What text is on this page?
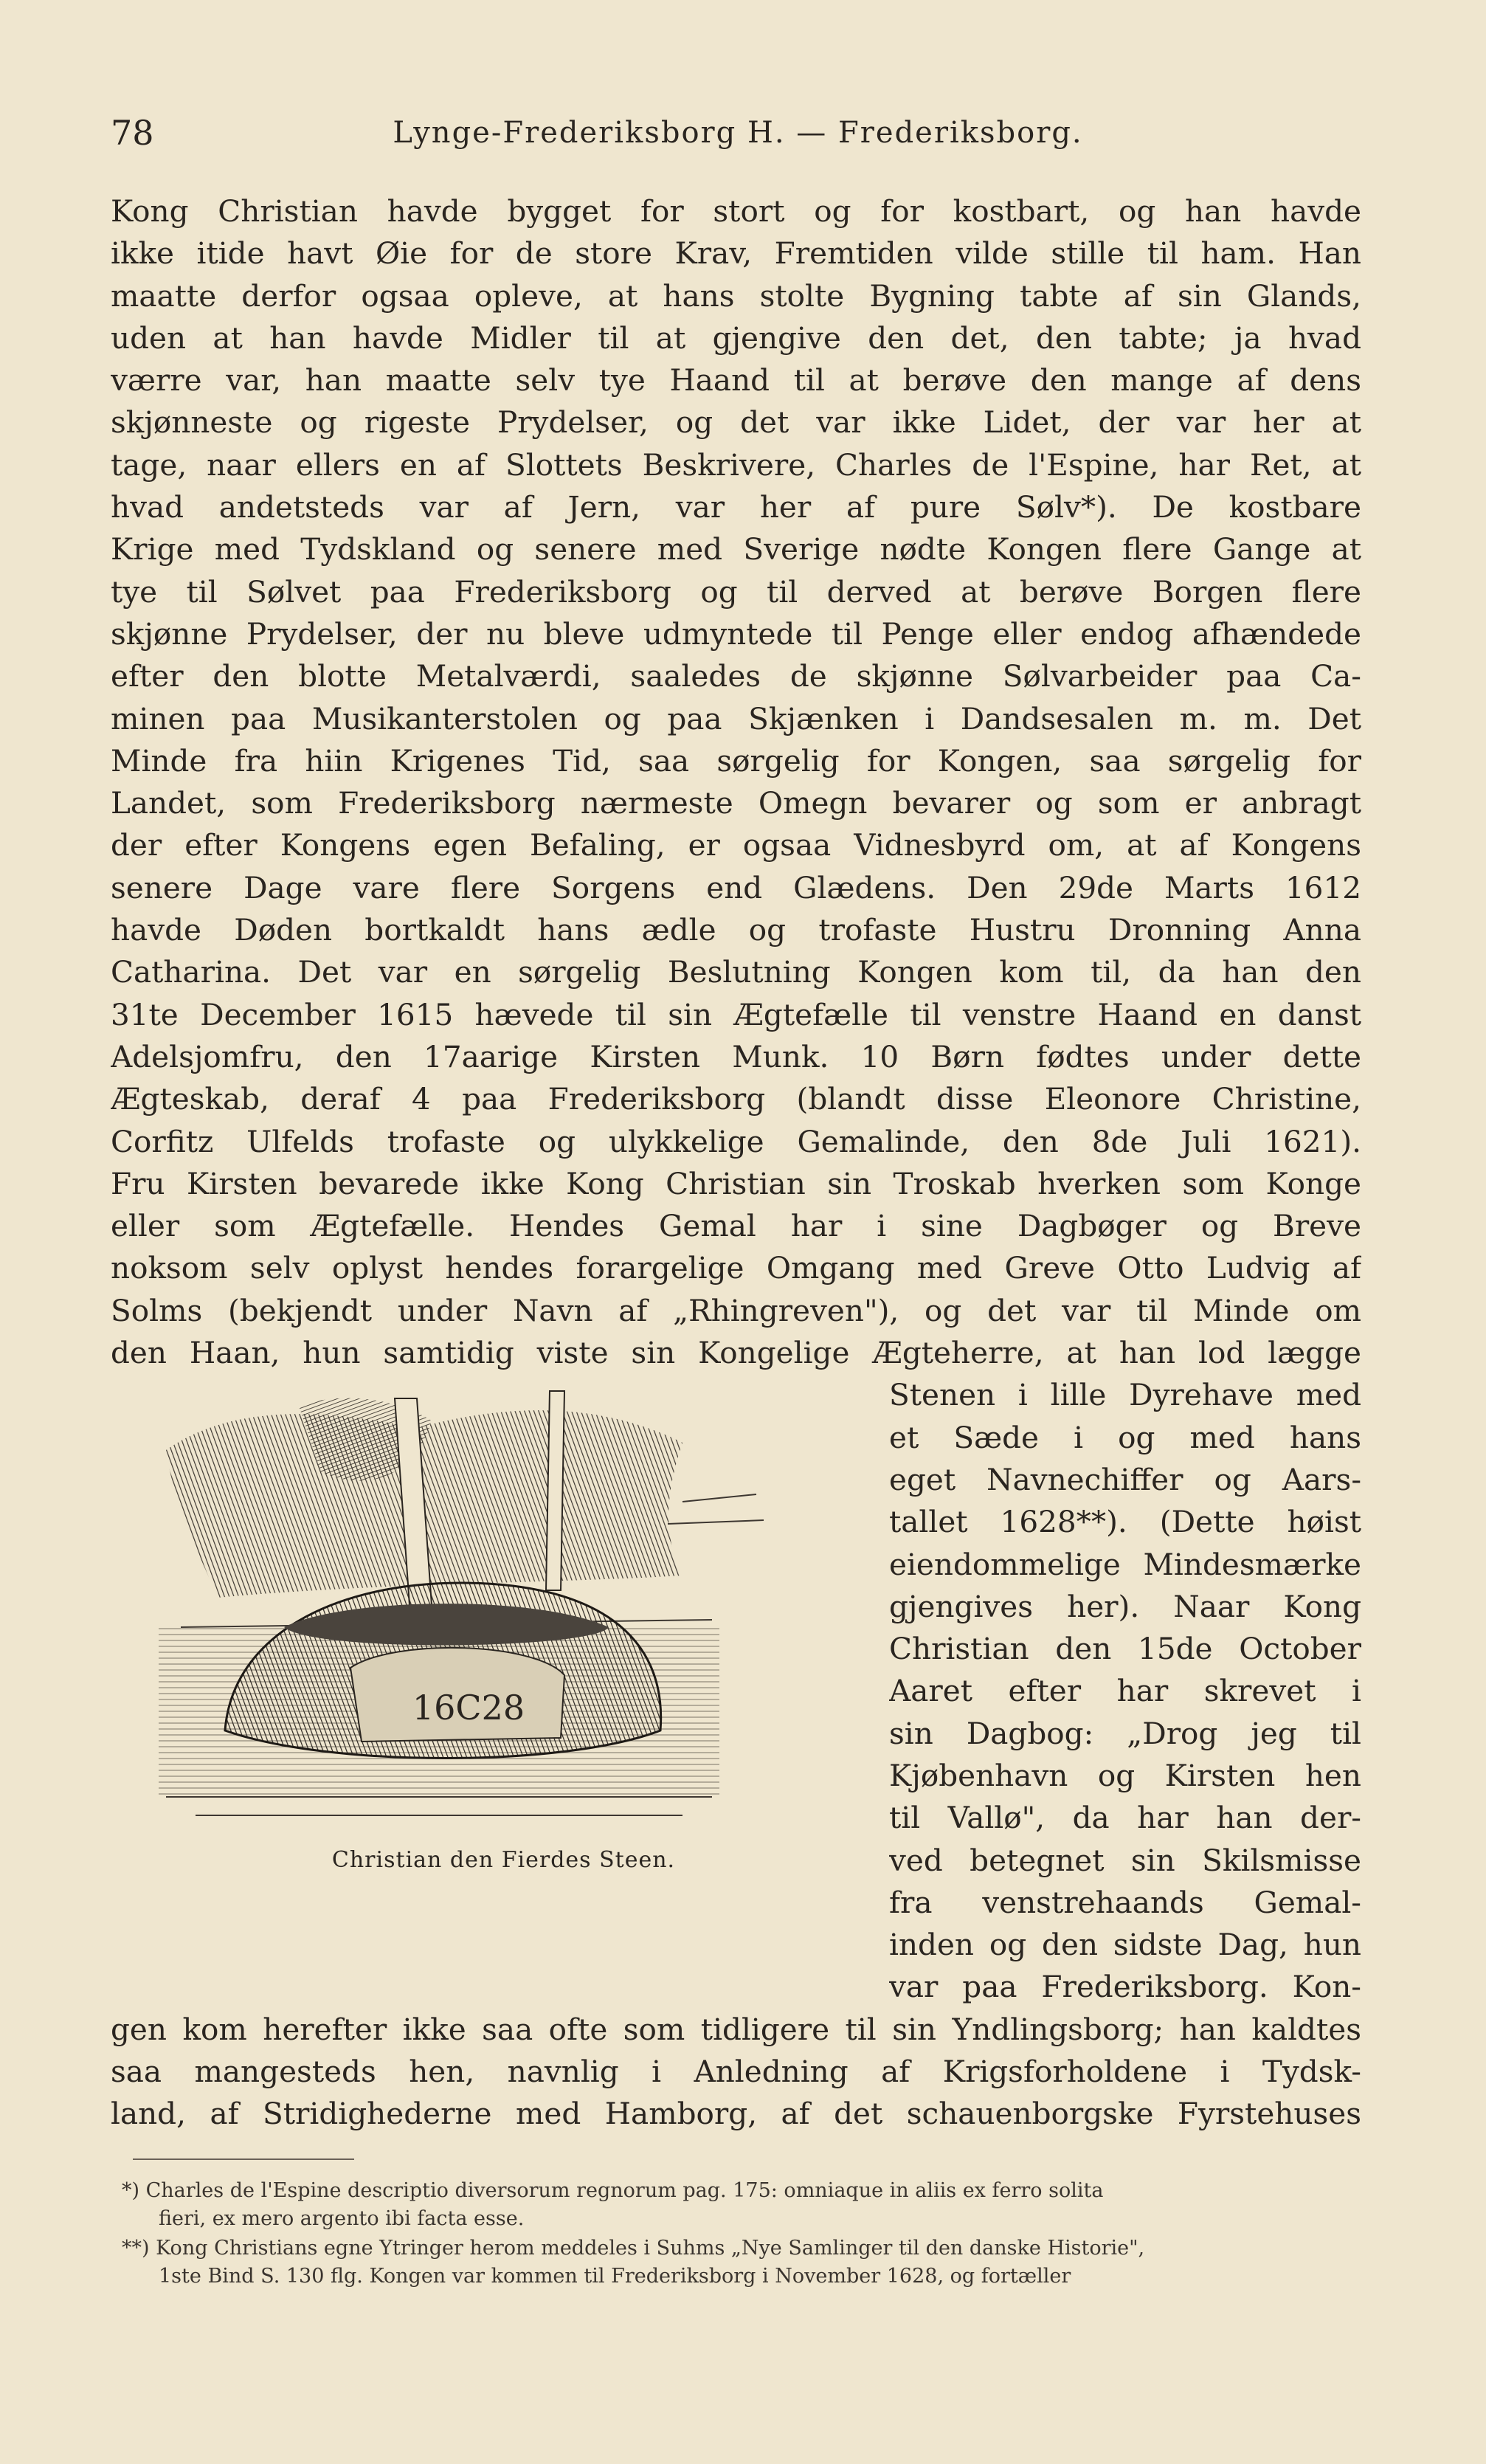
78	Lynge-Frederiksborg H. — Frederiksborg.
Kong Christian havde bygget for stort og for kostbart, og han havde
ikke itide havt Øie for de store Krav, Fremtiden vilde stille til ham. Han
maatte derfor ogsaa opleve, at hans stolte Bygning tabte af sin Glands,
uden at han havde Midler til at gjengive den det, den tabte; ja hvad
værre var, han maatte selv tye Haand til at berøve den mange af dens
skjønneste og rigeste Prydelser, og det var ikke Lidet, der var her at
tage, naar ellers en af Slottets Beskrivere, Charles de l'Espine, har Ret, at
hvad andetsteds var af Jern, var her af pure Sølv*). De kostbare
Krige med Tydskland og senere med Sverige nødte Kongen flere Gange at
tye til Sølvet paa Frederiksborg og til derved at berøve Borgen flere
skjønne Prydelser, der nu bleve udmyntede til Penge eller endog afhændede
efter den blotte Metalværdi, saaledes de skjønne Sølvarbeider paa Ca-
minen paa Musikanterstolen og paa Skjænken i Dandsesalen m. m. Det
Minde fra hiin Krigenes Tid, saa sørgelig for Kongen, saa sørgelig for
Landet, som Frederiksborg nærmeste Omegn bevarer og som er anbragt
der efter Kongens egen Befaling, er ogsaa Vidnesbyrd om, at af Kongens
senere Dage vare flere Sorgens end Glædens. Den 29de Marts 1612
havde Døden bortkaldt hans ædle og trofaste Hustru Dronning Anna
Catharina. Det var en sørgelig Beslutning Kongen kom til, da han den
31te December 1615 hævede til sin Ægtefælle til venstre Haand en danst
Adelsjomfru, den 17aarige Kirsten Munk. 10 Børn fødtes under dette
Ægteskab, deraf 4 paa Frederiksborg (blandt disse Eleonore Christine,
Corfitz Ulfelds trofaste og ulykkelige Gemalinde, den 8de Juli 1621).
Fru Kirsten bevarede ikke Kong Christian sin Troskab hverken som Konge
eller som Ægtefælle. Hendes Gemal har i sine Dagbøger og Breve
noksom selv oplyst hendes forargelige Omgang med Greve Otto Ludvig af
Solms (bekjendt under Navn af „Rhingreven"), og det var til Minde om
den Haan, hun samtidig viste sin Kongelige Ægteherre, at han lod lægge
Stenen i lille Dyrehave med
et Sæde i og med hans
eget Navnechiffer og Aars-
tallet 1628**). (Dette høist
eiendommelige Mindesmærke
gjengives her). Naar Kong
Christian den 15de October
Aaret efter har skrevet i
sin Dagbog: „Drog jeg til
Kjøbenhavn og Kirsten hen
til Vallø", da har han der-
ved betegnet sin Skilsmisse
fra venstrehaands Gemal-
inden og den sidste Dag, hun
var paa Frederiksborg. Kon-
gen kom herefter ikke saa ofte som tidligere til sin Yndlingsborg; han kaldtes
saa mangesteds hen, navnlig i Anledning af Krigsforholdene i Tydsk-
land, af Stridighederne med Hamborg, af det schauenborgske Fyrstehuses
16C28
Christian den Fierdes Steen.
*) Charles de l'Espine descriptio diversorum regnorum pag. 175: omniaque in aliis ex ferro solita
fieri, ex mero argento ibi facta esse.
**) Kong Christians egne Ytringer herom meddeles i Suhms „Nye Samlinger til den danske Historie",
1ste Bind S. 130 flg. Kongen var kommen til Frederiksborg i November 1628, og fortæller
